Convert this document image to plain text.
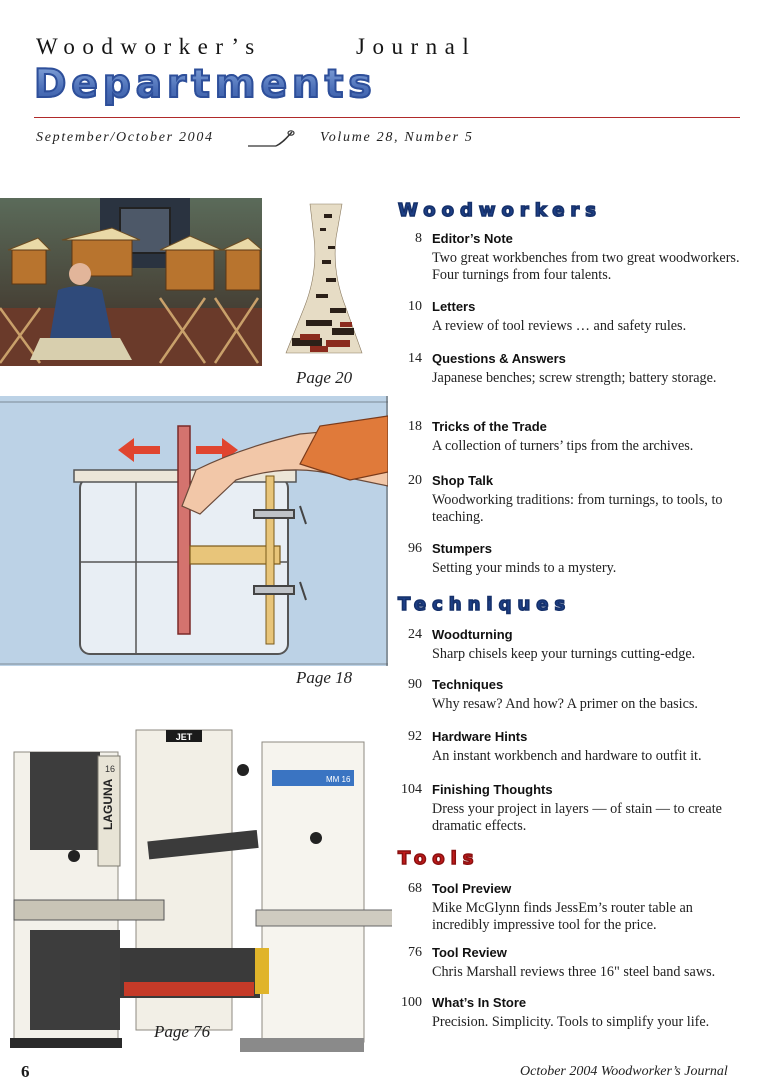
Woodworker’s	Journal
Departments
September/October 2004	Volume 28, Number 5
Page 20
Page 18
16
LAGUNA
JET
MM 16
Page 76
Woodworkers
8 Editor’s Note
Two great workbenches from two great woodworkers. Four turnings from four talents.
10 Letters
A review of tool reviews … and safety rules.
14 Questions & Answers
Japanese benches; screw strength; battery storage.
18 Tricks of the Trade
A collection of turners’ tips from the archives.
20 Shop Talk
Woodworking traditions: from turnings, to tools, to teaching.
96 Stumpers
Setting your minds to a mystery.
Techniques
24 Woodturning
Sharp chisels keep your turnings cutting-edge.
90 Techniques
Why resaw? And how? A primer on the basics.
92 Hardware Hints
An instant workbench and hardware to outfit it.
104 Finishing Thoughts
Dress your project in layers — of stain — to create dramatic effects.
Tools
68 Tool Preview
Mike McGlynn finds JessEm’s router table an incredibly impressive tool for the price.
76 Tool Review
Chris Marshall reviews three 16" steel band saws.
100 What’s In Store
Precision. Simplicity. Tools to simplify your life.
6	October 2004 Woodworker’s Journal
